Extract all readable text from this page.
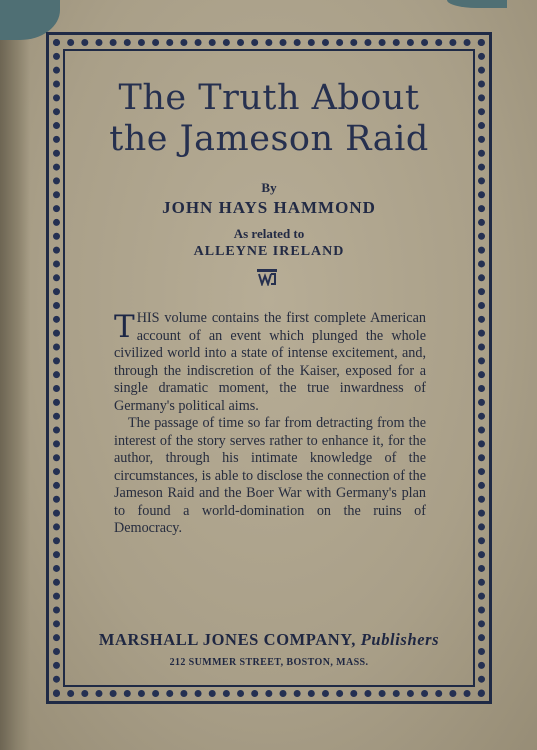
The Truth About
the Jameson Raid
By
JOHN HAYS HAMMOND
As related to
ALLEYNE IRELAND

THIS volume contains the first complete American account of an event which plunged the whole civilized world into a state of intense excitement, and, through the indiscretion of the Kaiser, exposed for a single dramatic moment, the true inwardness of Germany's political aims.

The passage of time so far from detracting from the interest of the story serves rather to enhance it, for the author, through his intimate knowledge of the circumstances, is able to disclose the connection of the Jameson Raid and the Boer War with Germany's plan to found a world-domination on the ruins of Democracy.

MARSHALL JONES COMPANY, Publishers
212 SUMMER STREET, BOSTON, MASS.
